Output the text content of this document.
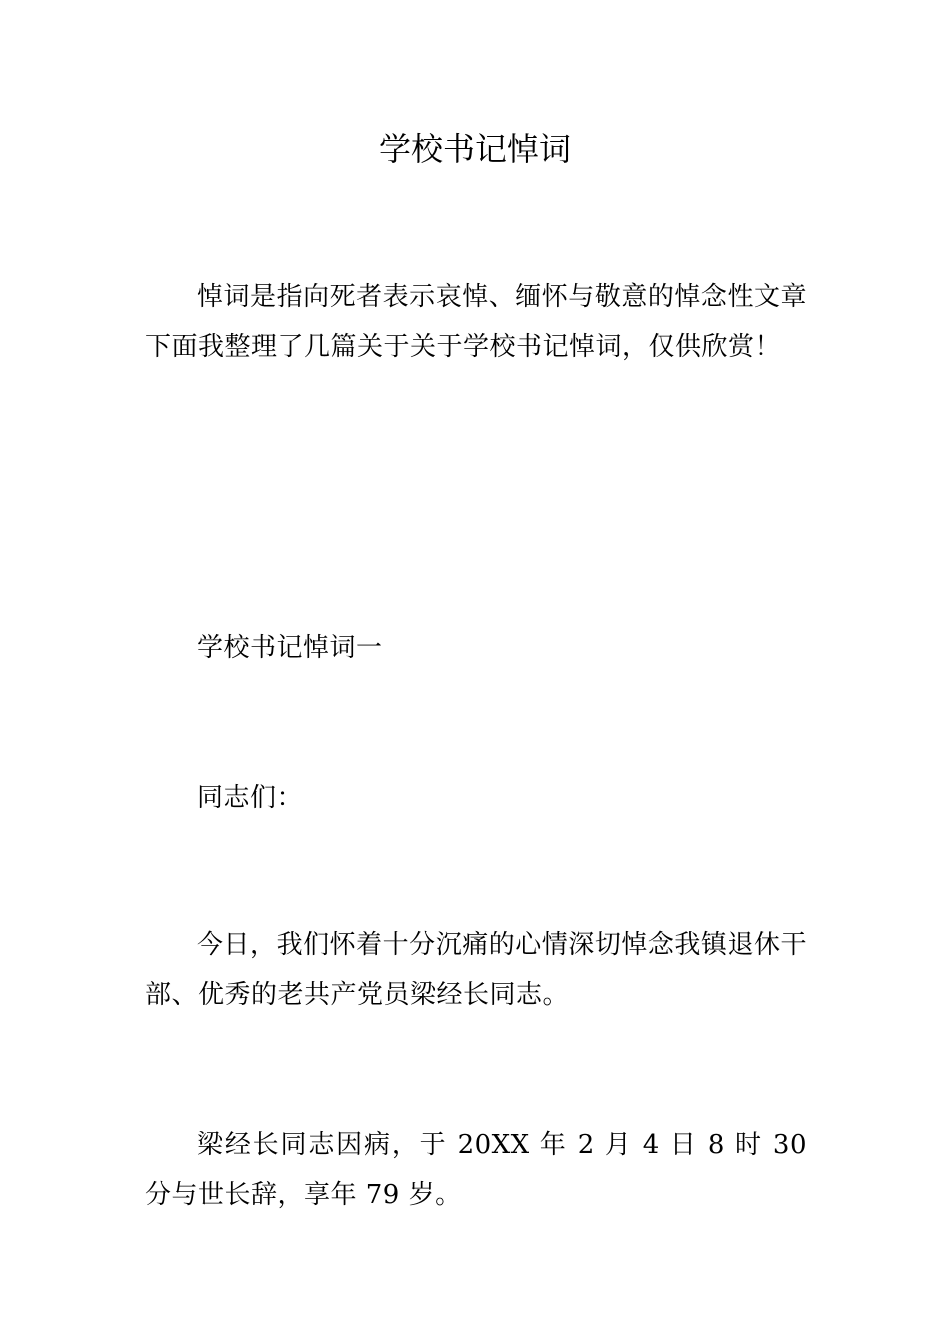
学校书记悼词

悼词是指向死者表示哀悼、缅怀与敬意的悼念性文章下面我整理了几篇关于关于学校书记悼词，仅供欣赏！

学校书记悼词一

同志们：

今日，我们怀着十分沉痛的心情深切悼念我镇退休干部、优秀的老共产党员梁经长同志。

梁经长同志因病，于 20XX 年 2 月 4 日 8 时 30 分与世长辞，享年 79 岁。
